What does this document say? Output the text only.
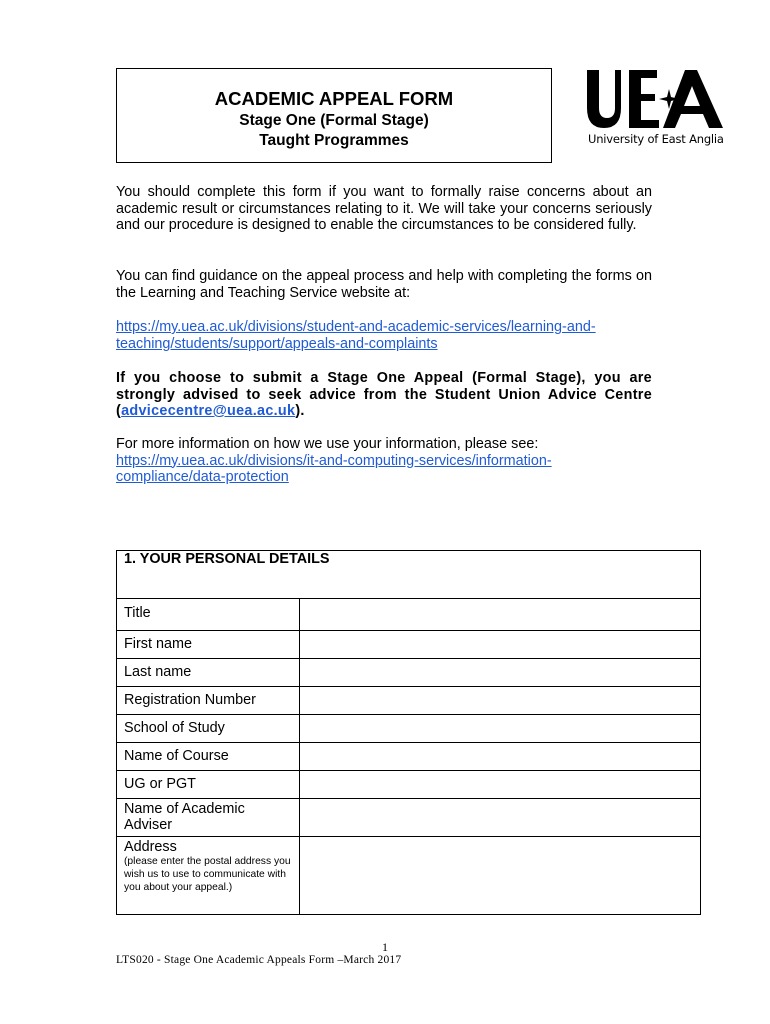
ACADEMIC APPEAL FORM
Stage One (Formal Stage)
Taught Programmes	University of East Anglia
You should complete this form if you want to formally raise concerns about an academic result or circumstances relating to it. We will take your concerns seriously and our procedure is designed to enable the circumstances to be considered fully.
You can find guidance on the appeal process and help with completing the forms on the Learning and Teaching Service website at:
https://my.uea.ac.uk/divisions/student-and-academic-services/learning-and-
teaching/students/support/appeals-and-complaints
If you choose to submit a Stage One Appeal (Formal Stage), you are strongly advised to seek advice from the Student Union Advice Centre (advicecentre@uea.ac.uk).
For more information on how we use your information, please see:
https://my.uea.ac.uk/divisions/it-and-computing-services/information-
compliance/data-protection
1. YOUR PERSONAL DETAILS	
Title	
First name	
Last name	
Registration Number	
School of Study	
Name of Course	
UG or PGT	
Name of Academic Adviser	

Address
(please enter the postal address you wish us to use to communicate with you about your appeal.)	

1
LTS020 - Stage One Academic Appeals Form –March 2017
